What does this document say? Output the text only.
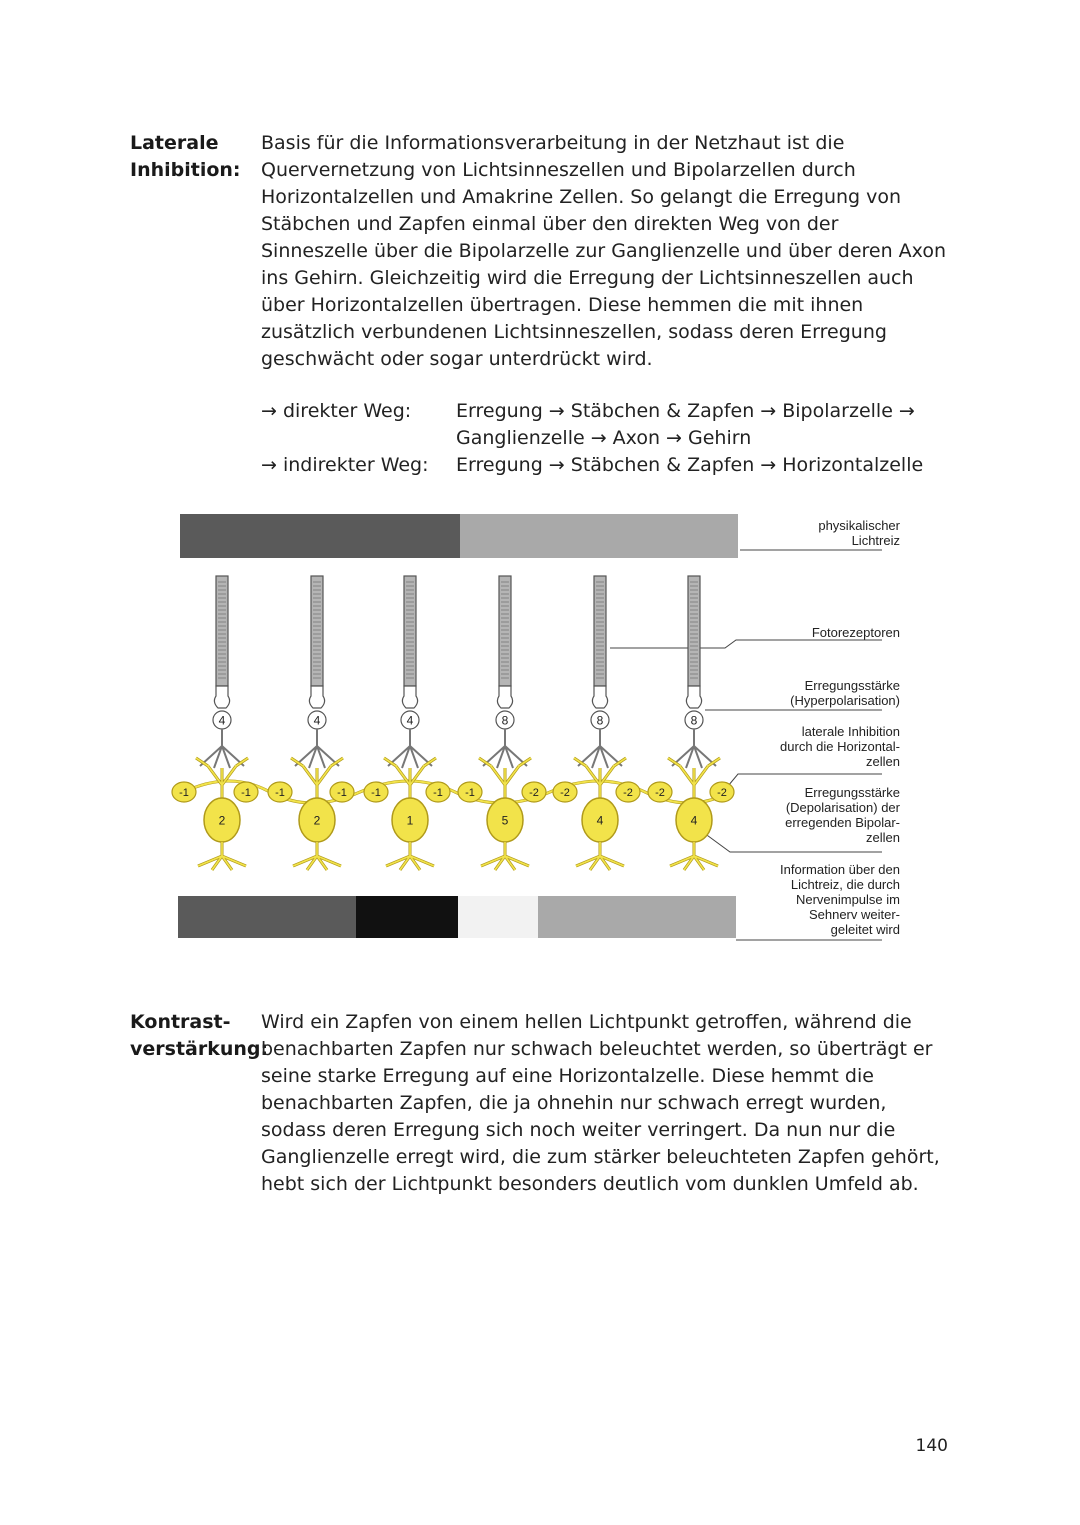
Laterale
Inhibition:

Basis für die Informationsverarbeitung in der Netzhaut ist die Quervernetzung von Lichtsinneszellen und Bipolarzellen durch Horizontalzellen und Amakrine Zellen. So gelangt die Erregung von Stäbchen und Zapfen einmal über den direkten Weg von der Sinneszelle über die Bipolarzelle zur Ganglienzelle und über deren Axon ins Gehirn. Gleichzeitig wird die Erregung der Lichtsinneszellen auch über Horizontalzellen übertragen. Diese hemmen die mit ihnen zusätzlich verbundenen Lichtsinneszellen, sodass deren Erregung geschwächt oder sogar unterdrückt wird.

→ direkter Weg: Erregung → Stäbchen & Zapfen → Bipolarzelle →
Ganglienzelle → Axon → Gehirn
→ indirekter Weg: Erregung → Stäbchen & Zapfen → Horizontalzelle
4
2
4
2
4
1
8
5
8
4
8
4
-1	-1 -1	-1 -1	-1 -1	-2 -2	-2 -2	-2
physikalischer
Lichtreiz
Fotorezeptoren
Erregungsstärke
(Hyperpolarisation)
laterale Inhibition
durch die Horizontal-
zellen
Erregungsstärke
(Depolarisation) der
erregenden Bipolar-
zellen
Information über den
Lichtreiz, die durch
Nervenimpulse im
Sehnerv weiter-
geleitet wird
Kontrast-
verstärkung:

Wird ein Zapfen von einem hellen Lichtpunkt getroffen, während die benachbarten Zapfen nur schwach beleuchtet werden, so überträgt er seine starke Erregung auf eine Horizontalzelle. Diese hemmt die benachbarten Zapfen, die ja ohnehin nur schwach erregt wurden, sodass deren Erregung sich noch weiter verringert. Da nun nur die Ganglienzelle erregt wird, die zum stärker beleuchteten Zapfen gehört, hebt sich der Lichtpunkt besonders deutlich vom dunklen Umfeld ab.

140
